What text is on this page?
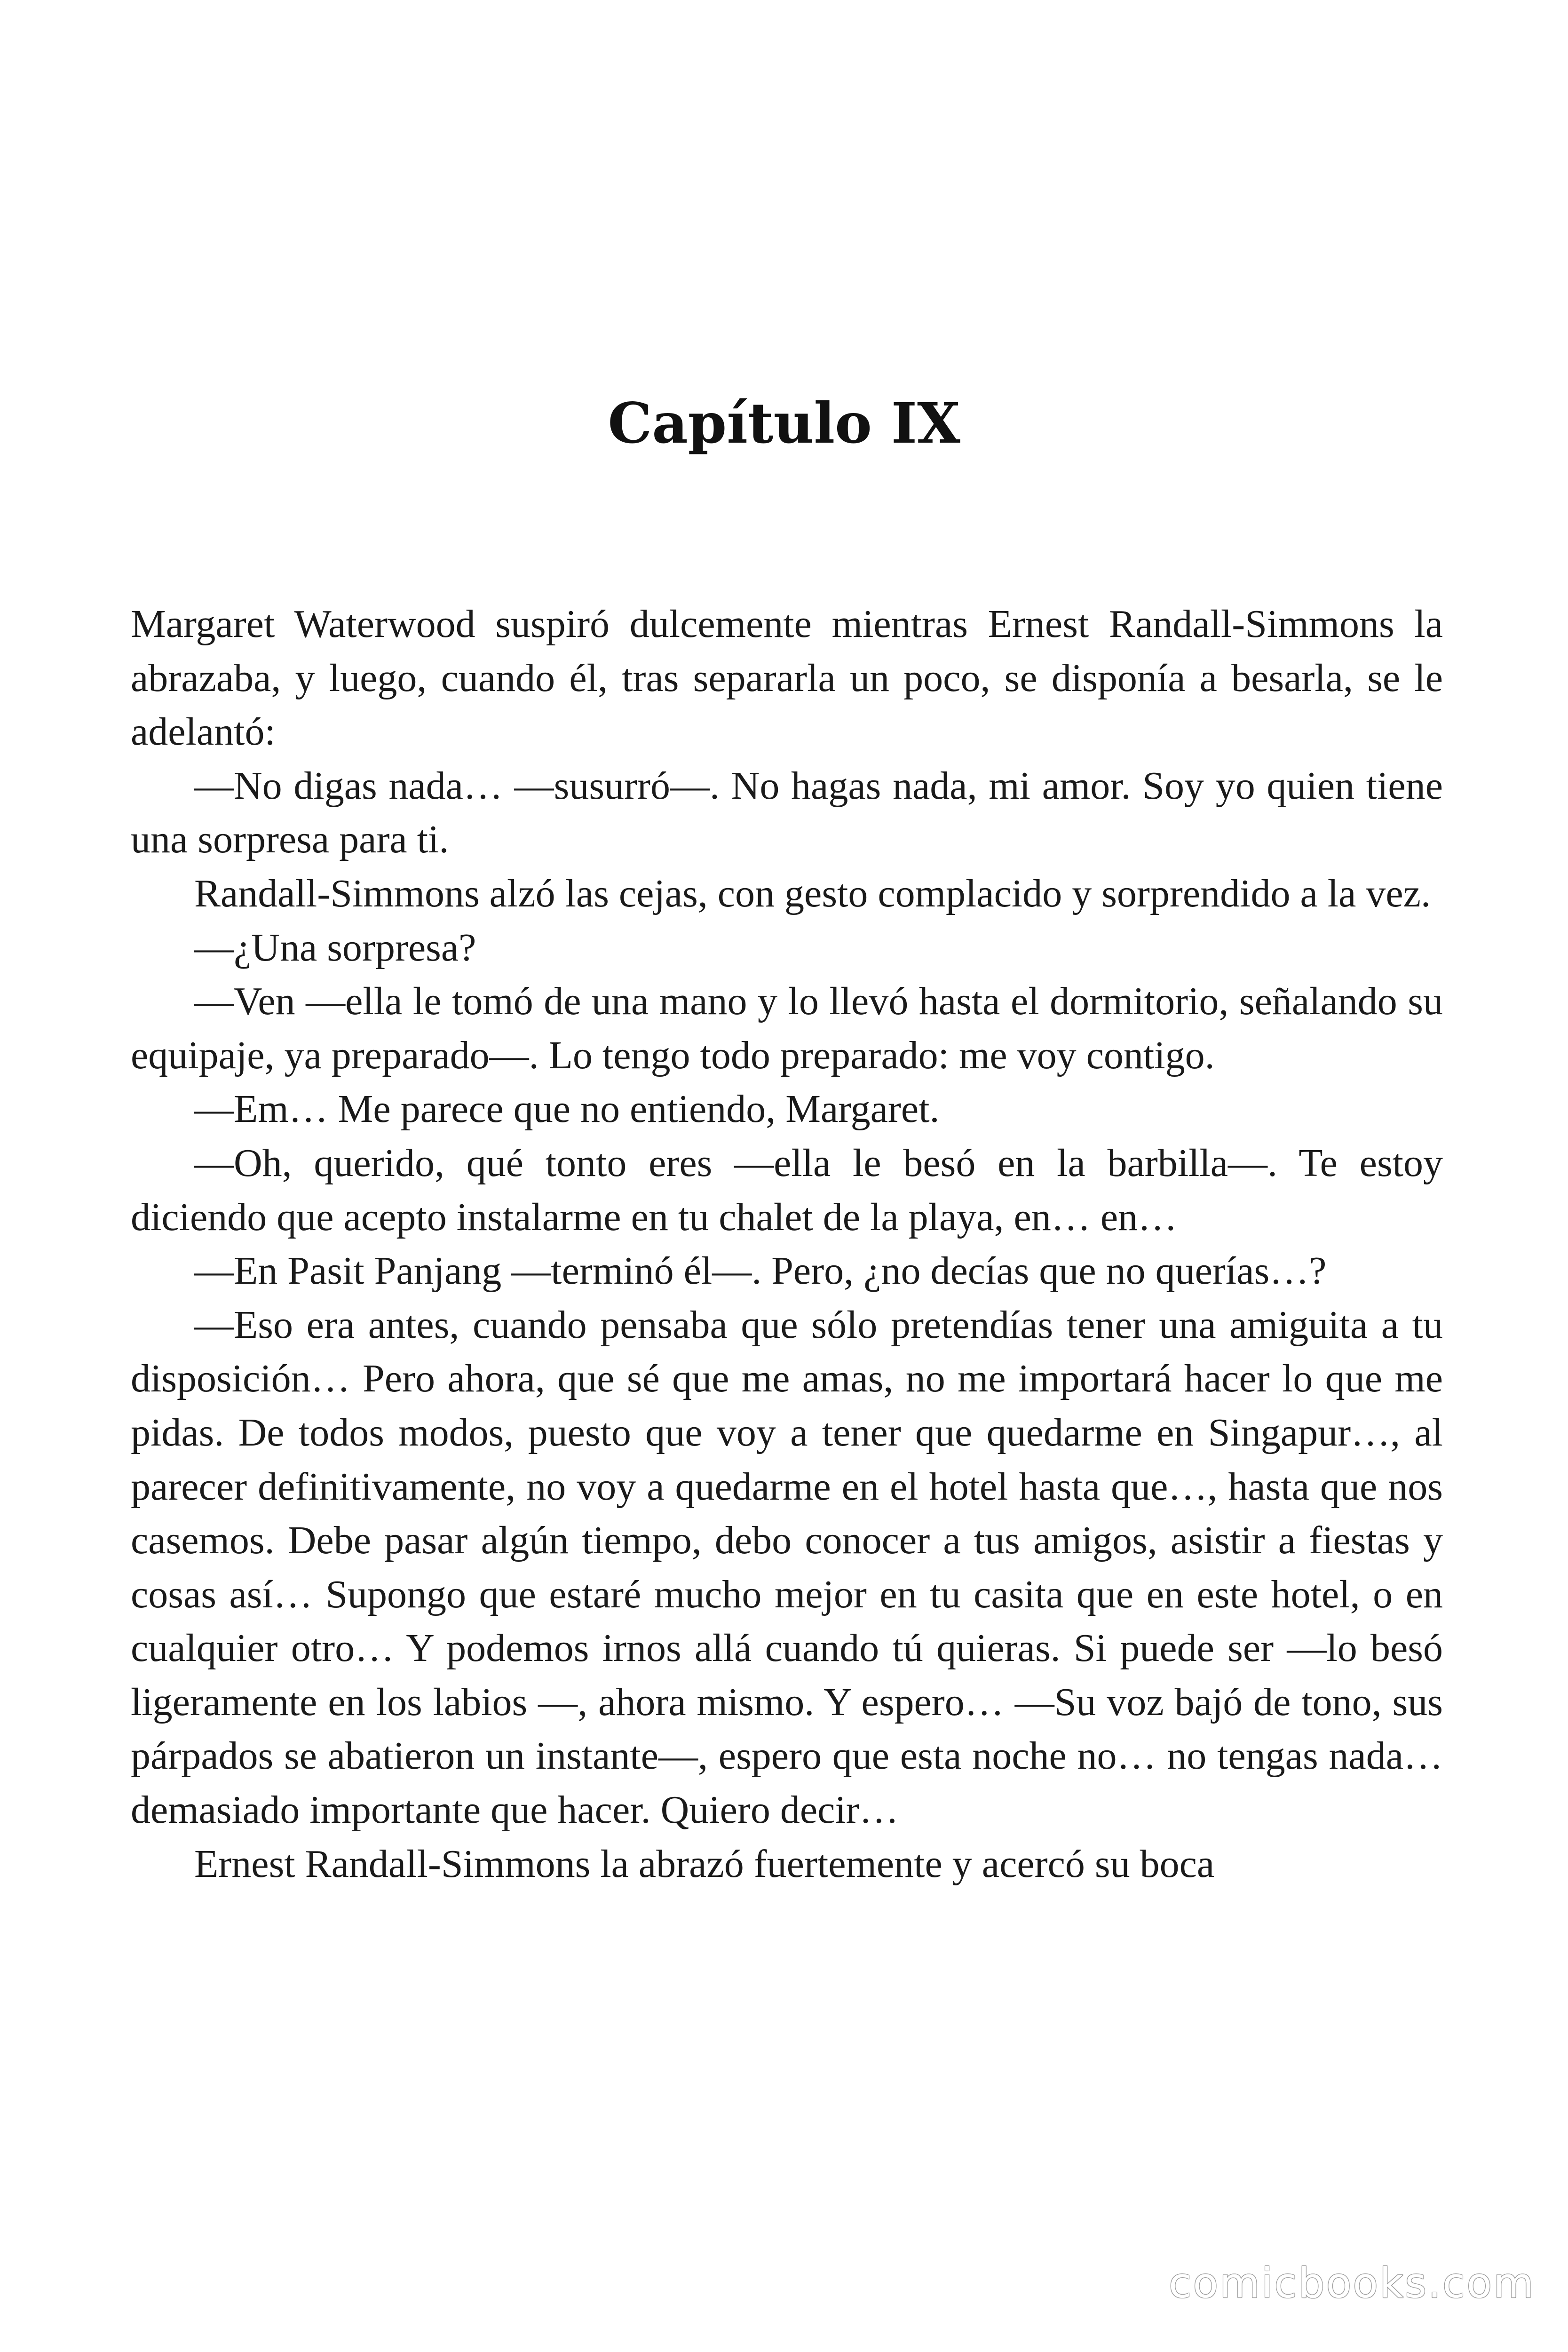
Capítulo IX

Margaret Waterwood suspiró dulcemente mientras Ernest Randall-Simmons la abrazaba, y luego, cuando él, tras separarla un poco, se disponía a besarla, se le adelantó:

—No digas nada… —susurró—. No hagas nada, mi amor. Soy yo quien tiene una sorpresa para ti.

Randall-Simmons alzó las cejas, con gesto complacido y sorprendido a la vez.

—¿Una sorpresa?

—Ven —ella le tomó de una mano y lo llevó hasta el dormitorio, señalando su equipaje, ya preparado—. Lo tengo todo preparado: me voy contigo.

—Em… Me parece que no entiendo, Margaret.

—Oh, querido, qué tonto eres —ella le besó en la barbilla—. Te estoy diciendo que acepto instalarme en tu chalet de la playa, en… en…

—En Pasit Panjang —terminó él—. Pero, ¿no decías que no querías…?

—Eso era antes, cuando pensaba que sólo pretendías tener una amiguita a tu disposición… Pero ahora, que sé que me amas, no me importará hacer lo que me pidas. De todos modos, puesto que voy a tener que quedarme en Singapur…, al parecer definitivamente, no voy a quedarme en el hotel hasta que…, hasta que nos casemos. Debe pasar algún tiempo, debo conocer a tus amigos, asistir a fiestas y cosas así… Supongo que estaré mucho mejor en tu casita que en este hotel, o en cualquier otro… Y podemos irnos allá cuando tú quieras. Si puede ser —lo besó ligeramente en los labios —, ahora mismo. Y espero… —Su voz bajó de tono, sus párpados se abatieron un instante—, espero que esta noche no… no tengas nada… demasiado importante que hacer. Quiero decir…

Ernest Randall-Simmons la abrazó fuertemente y acercó su boca

comicbooks.com
